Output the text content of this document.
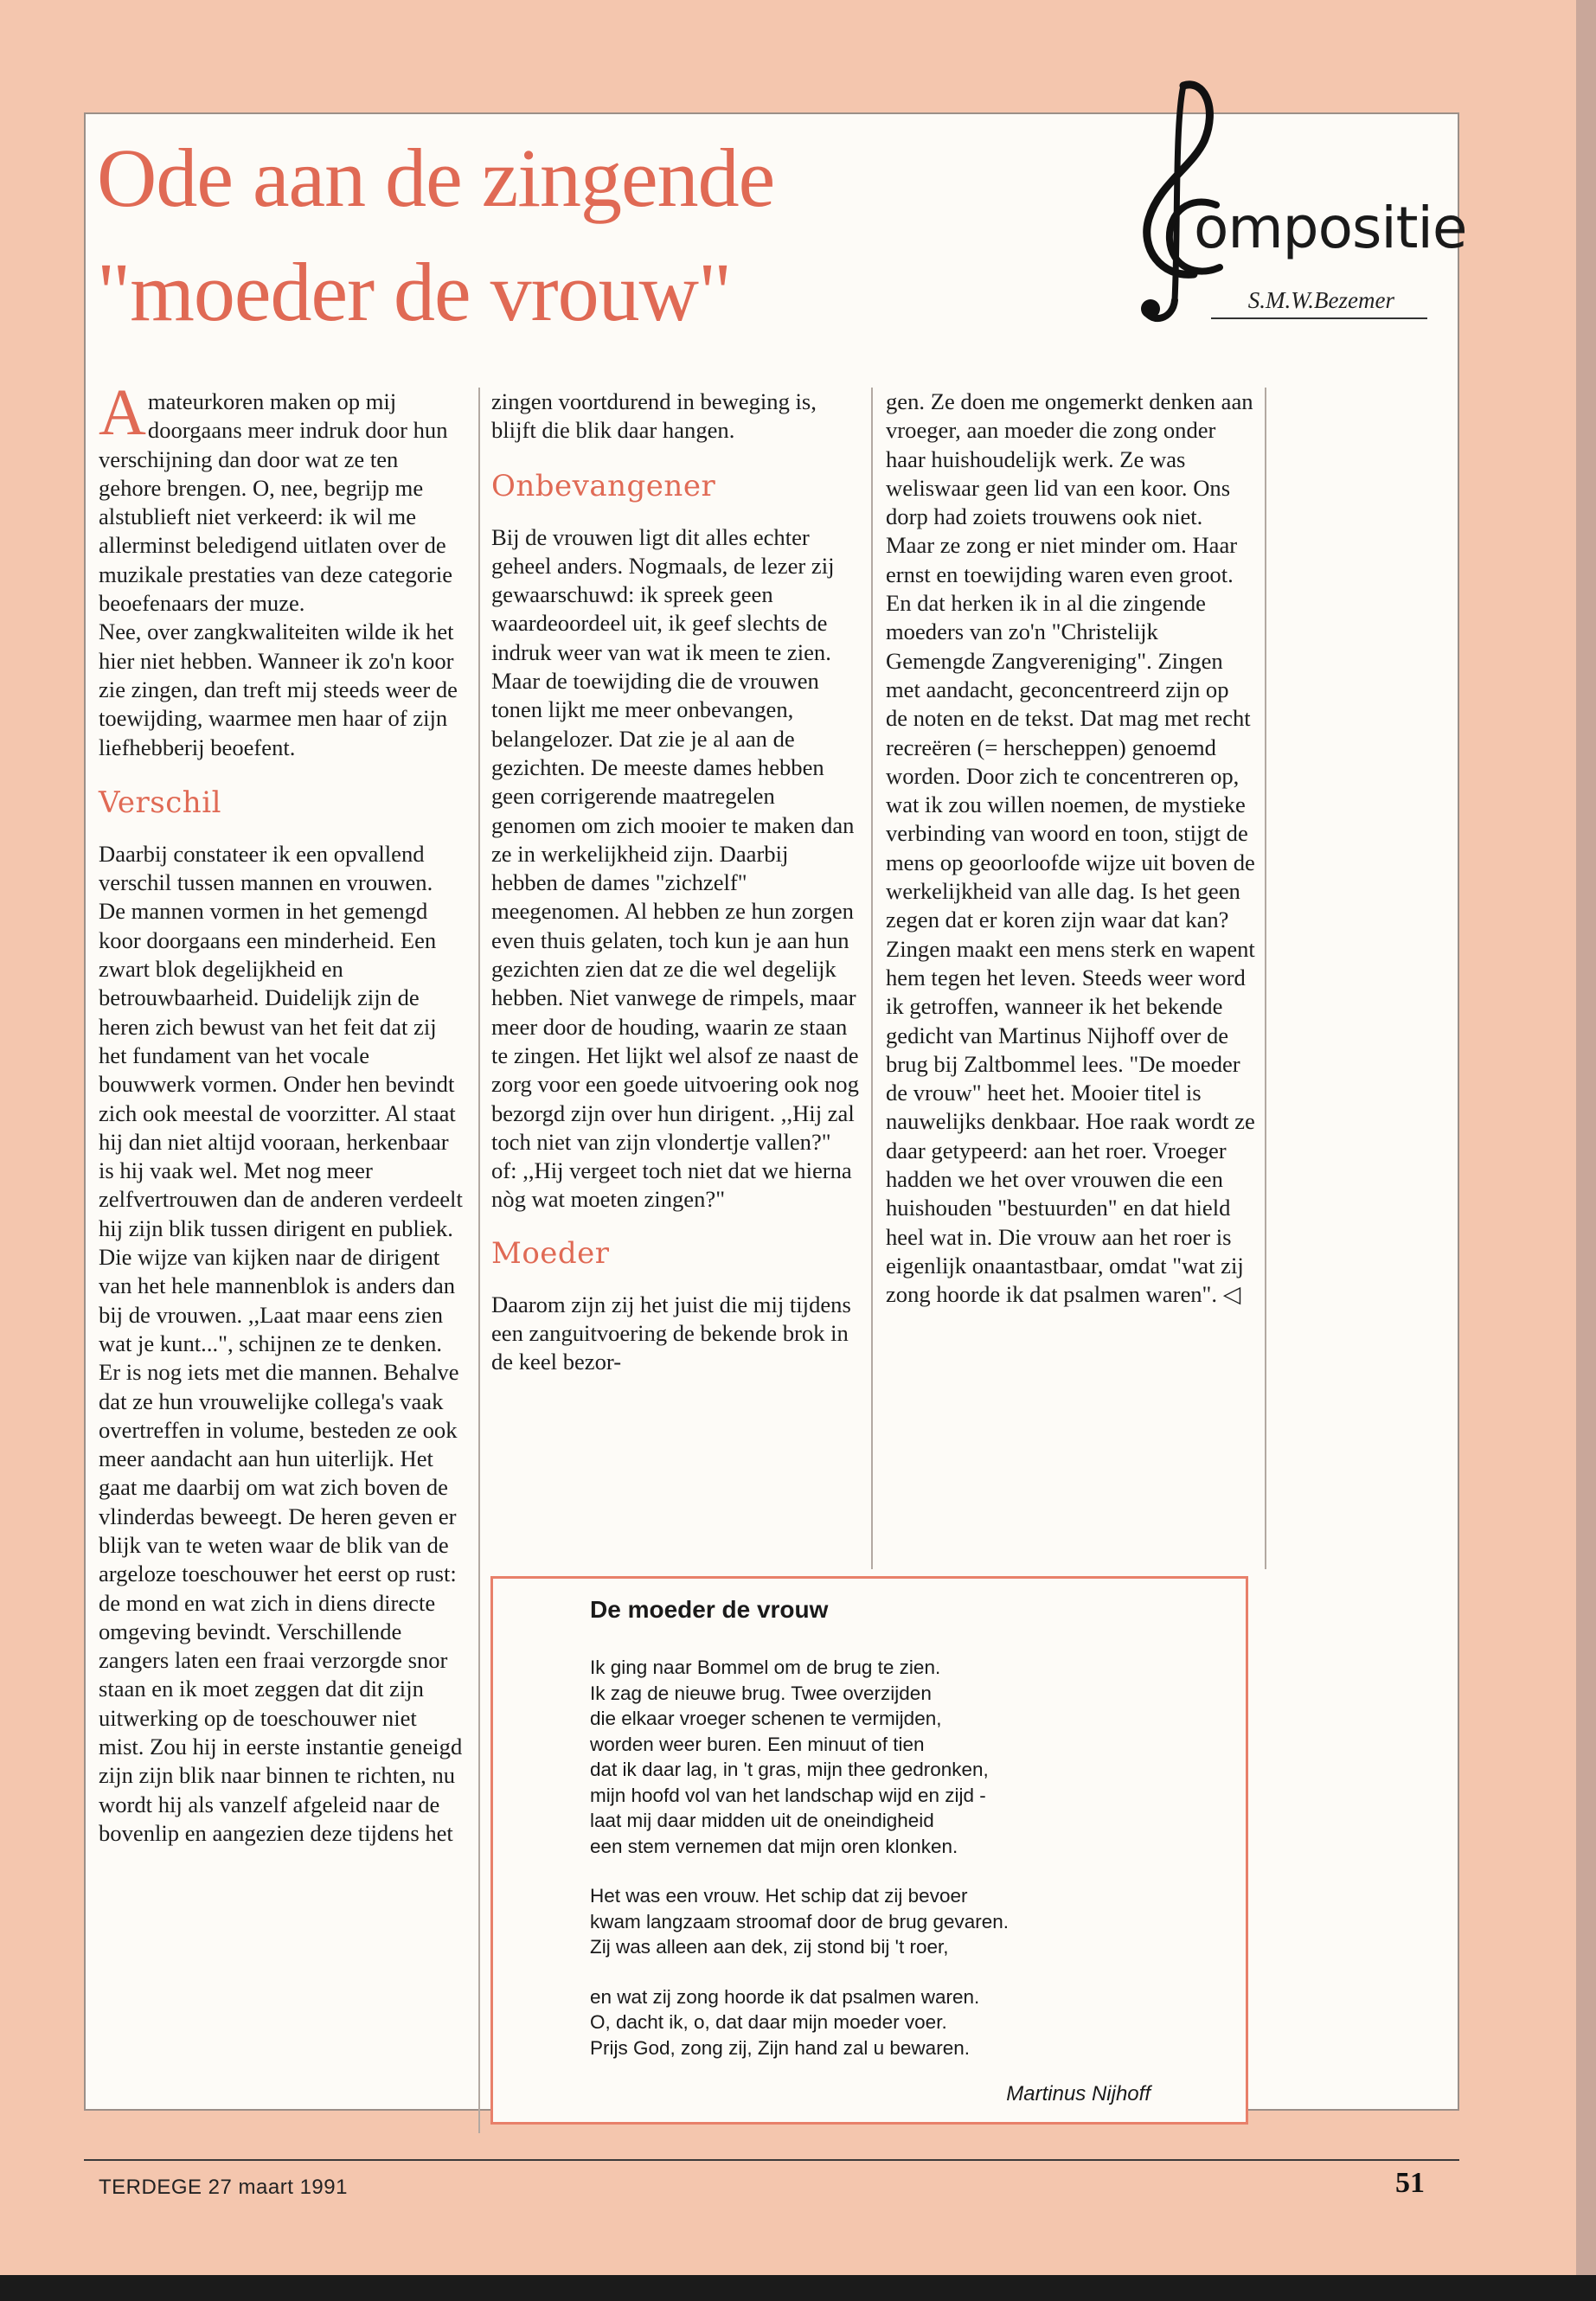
Ode aan de zingende
"moeder de vrouw"
ompositie
S.M.W.Bezemer

Amateurkoren maken op mij doorgaans meer indruk door hun verschijning dan door wat ze ten gehore brengen. O, nee, begrijp me alstublieft niet verkeerd: ik wil me allerminst beledigend uitlaten over de muzikale prestaties van deze categorie beoefenaars der muze.

Nee, over zangkwaliteiten wilde ik het hier niet hebben. Wanneer ik zo'n koor zie zingen, dan treft mij steeds weer de toewijding, waarmee men haar of zijn liefhebberij beoefent.

Verschil

Daarbij constateer ik een opvallend verschil tussen mannen en vrouwen. De mannen vormen in het gemengd koor doorgaans een minderheid. Een zwart blok degelijkheid en betrouwbaarheid. Duidelijk zijn de heren zich bewust van het feit dat zij het fundament van het vocale bouwwerk vormen. Onder hen bevindt zich ook meestal de voorzitter. Al staat hij dan niet altijd vooraan, herkenbaar is hij vaak wel. Met nog meer zelfvertrouwen dan de anderen verdeelt hij zijn blik tussen dirigent en publiek. Die wijze van kijken naar de dirigent van het hele mannenblok is anders dan bij de vrouwen. ,,Laat maar eens zien wat je kunt...", schijnen ze te denken.

Er is nog iets met die mannen. Behalve dat ze hun vrouwelijke collega's vaak overtreffen in volume, besteden ze ook meer aandacht aan hun uiterlijk. Het gaat me daarbij om wat zich boven de vlinderdas beweegt. De heren geven er blijk van te weten waar de blik van de argeloze toeschouwer het eerst op rust: de mond en wat zich in diens directe omgeving bevindt. Verschillende zangers laten een fraai verzorgde snor staan en ik moet zeggen dat dit zijn uitwerking op de toeschouwer niet mist. Zou hij in eerste instantie geneigd zijn zijn blik naar binnen te richten, nu wordt hij als vanzelf afgeleid naar de bovenlip en aangezien deze tijdens het

zingen voortdurend in beweging is, blijft die blik daar hangen.

Onbevangener

Bij de vrouwen ligt dit alles echter geheel anders. Nogmaals, de lezer zij gewaarschuwd: ik spreek geen waardeoordeel uit, ik geef slechts de indruk weer van wat ik meen te zien. Maar de toewijding die de vrouwen tonen lijkt me meer onbevangen, belangelozer. Dat zie je al aan de gezichten. De meeste dames hebben geen corrigerende maatregelen genomen om zich mooier te maken dan ze in werkelijkheid zijn. Daarbij hebben de dames "zichzelf" meegenomen. Al hebben ze hun zorgen even thuis gelaten, toch kun je aan hun gezichten zien dat ze die wel degelijk hebben. Niet vanwege de rimpels, maar meer door de houding, waarin ze staan te zingen. Het lijkt wel alsof ze naast de zorg voor een goede uitvoering ook nog bezorgd zijn over hun dirigent. ,,Hij zal toch niet van zijn vlondertje vallen?" of: ,,Hij vergeet toch niet dat we hierna nòg wat moeten zingen?"

Moeder

Daarom zijn zij het juist die mij tijdens een zanguitvoering de bekende brok in de keel bezor-

gen. Ze doen me ongemerkt denken aan vroeger, aan moeder die zong onder haar huishoudelijk werk. Ze was weliswaar geen lid van een koor. Ons dorp had zoiets trouwens ook niet. Maar ze zong er niet minder om. Haar ernst en toewijding waren even groot. En dat herken ik in al die zingende moeders van zo'n "Christelijk Gemengde Zangvereniging". Zingen met aandacht, geconcentreerd zijn op de noten en de tekst. Dat mag met recht recreëren (= herscheppen) genoemd worden. Door zich te concentreren op, wat ik zou willen noemen, de mystieke verbinding van woord en toon, stijgt de mens op geoorloofde wijze uit boven de werkelijkheid van alle dag. Is het geen zegen dat er koren zijn waar dat kan? Zingen maakt een mens sterk en wapent hem tegen het leven. Steeds weer word ik getroffen, wanneer ik het bekende gedicht van Martinus Nijhoff over de brug bij Zaltbommel lees. "De moeder de vrouw" heet het. Mooier titel is nauwelijks denkbaar. Hoe raak wordt ze daar getypeerd: aan het roer. Vroeger hadden we het over vrouwen die een huishouden "bestuurden" en dat hield heel wat in. Die vrouw aan het roer is eigenlijk onaantastbaar, omdat "wat zij zong hoorde ik dat psalmen waren". ◁

De moeder de vrouw
Ik ging naar Bommel om de brug te zien.
Ik zag de nieuwe brug. Twee overzijden
die elkaar vroeger schenen te vermijden,
worden weer buren. Een minuut of tien
dat ik daar lag, in 't gras, mijn thee gedronken,
mijn hoofd vol van het landschap wijd en zijd -
laat mij daar midden uit de oneindigheid
een stem vernemen dat mijn oren klonken.
Het was een vrouw. Het schip dat zij bevoer
kwam langzaam stroomaf door de brug gevaren.
Zij was alleen aan dek, zij stond bij 't roer,
en wat zij zong hoorde ik dat psalmen waren.
O, dacht ik, o, dat daar mijn moeder voer.
Prijs God, zong zij, Zijn hand zal u bewaren.
Martinus Nijhoff
TERDEGE 27 maart 1991	51
